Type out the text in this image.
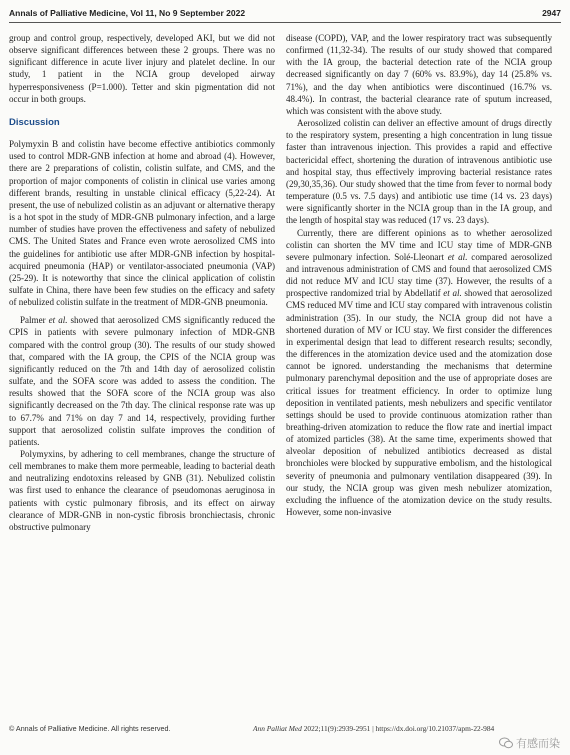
Annals of Palliative Medicine, Vol 11, No 9 September 2022	2947

group and control group, respectively, developed AKI, but we did not observe significant differences between these 2 groups. There was no significant difference in acute liver injury and platelet decline. In our study, 1 patient in the NCIA group developed airway hyperresponsiveness (P=1.000). Tetter and skin pigmentation did not occur in both groups.

Discussion

Polymyxin B and colistin have become effective antibiotics commonly used to control MDR-GNB infection at home and abroad (4). However, there are 2 preparations of colistin, colistin sulfate, and CMS, and the proportion of major components of colistin in clinical use varies among different brands, resulting in unstable clinical efficacy (5,22-24). At present, the use of nebulized colistin as an adjuvant or alternative therapy is a hot spot in the study of MDR-GNB pulmonary infection, and a large number of studies have proven the effectiveness and safety of nebulized CMS. The United States and France even wrote aerosolized CMS into the guidelines for antibiotic use after MDR-GNB infection by hospital-acquired pneumonia (HAP) or ventilator-associated pneumonia (VAP) (25-29). It is noteworthy that since the clinical application of colistin sulfate in China, there have been few studies on the efficacy and safety of nebulized colistin sulfate in the treatment of MDR-GNB pneumonia.

Palmer et al. showed that aerosolized CMS significantly reduced the CPIS in patients with severe pulmonary infection of MDR-GNB compared with the control group (30). The results of our study showed that, compared with the IA group, the CPIS of the NCIA group was significantly reduced on the 7th and 14th day of aerosolized colistin sulfate, and the SOFA score was added to assess the condition. The results showed that the SOFA score of the NCIA group was also significantly decreased on the 7th day. The clinical response rate was up to 67.7% and 71% on day 7 and 14, respectively, providing further support that aerosolized colistin sulfate improves the condition of patients.

Polymyxins, by adhering to cell membranes, change the structure of cell membranes to make them more permeable, leading to bacterial death and neutralizing endotoxins released by GNB (31). Nebulized colistin was first used to enhance the clearance of pseudomonas aeruginosa in patients with cystic pulmonary fibrosis, and its effect on airway clearance of MDR-GNB in non-cystic fibrosis bronchiectasis, chronic obstructive pulmonary

disease (COPD), VAP, and the lower respiratory tract was subsequently confirmed (11,32-34). The results of our study showed that compared with the IA group, the bacterial detection rate of the NCIA group decreased significantly on day 7 (60% vs. 83.9%), day 14 (25.8% vs. 71%), and the day when antibiotics were discontinued (16.7% vs. 48.4%). In contrast, the bacterial clearance rate of sputum increased, which was consistent with the above study.

Aerosolized colistin can deliver an effective amount of drugs directly to the respiratory system, presenting a high concentration in lung tissue faster than intravenous injection. This provides a rapid and effective bactericidal effect, shortening the duration of intravenous antibiotic use and hospital stay, thus effectively improving bacterial resistance rates (29,30,35,36). Our study showed that the time from fever to normal body temperature (0.5 vs. 7.5 days) and antibiotic use time (14 vs. 23 days) were significantly shorter in the NCIA group than in the IA group, and the length of hospital stay was reduced (17 vs. 23 days).

Currently, there are different opinions as to whether aerosolized colistin can shorten the MV time and ICU stay time of MDR-GNB severe pulmonary infection. Solé-Lleonart et al. compared aerosolized and intravenous administration of CMS and found that aerosolized CMS did not reduce MV and ICU stay time (37). However, the results of a prospective randomized trial by Abdellatif et al. showed that aerosolized CMS reduced MV time and ICU stay compared with intravenous colistin administration (35). In our study, the NCIA group did not have a shortened duration of MV or ICU stay. We first consider the differences in experimental design that lead to different research results; secondly, the differences in the atomization device used and the atomization dose cannot be ignored. understanding the mechanisms that determine pulmonary parenchymal deposition and the use of appropriate doses are critical issues for treatment efficiency. In order to optimize lung deposition in ventilated patients, mesh nebulizers and specific ventilator settings should be used to provide continuous atomization rather than breathing-driven atomization to reduce the flow rate and inertial impact of atomized particles (38). At the same time, experiments showed that alveolar deposition of nebulized antibiotics decreased as distal bronchioles were blocked by suppurative embolism, and the histological severity of pneumonia and pulmonary ventilation disappeared (39). In our study, the NCIA group was given mesh nebulizer atomization, excluding the influence of the atomization device on the study results. However, some non-invasive

© Annals of Palliative Medicine. All rights reserved.	Ann Palliat Med 2022;11(9):2939-2951 | https://dx.doi.org/10.21037/apm-22-984
有感而染
